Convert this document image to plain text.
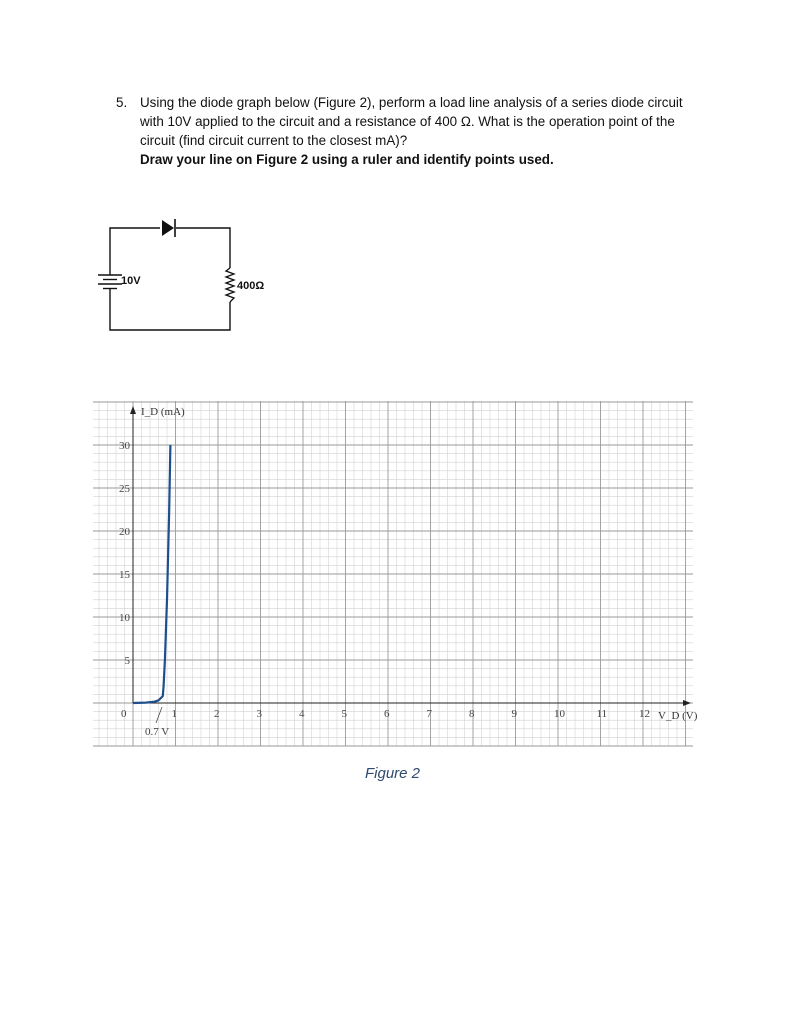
5. Using the diode graph below (Figure 2), perform a load line analysis of a series diode circuit with 10V applied to the circuit and a resistance of 400 Ω. What is the operation point of the circuit (find circuit current to the closest mA)?
Draw your line on Figure 2 using a ruler and identify points used.
10V	400Ω
0	1	2	3	4	5	6	7	8	9	10	11	12
5
10
15
20
25
30
I_D (mA)
V_D (V)
0.7 V
Figure 2
